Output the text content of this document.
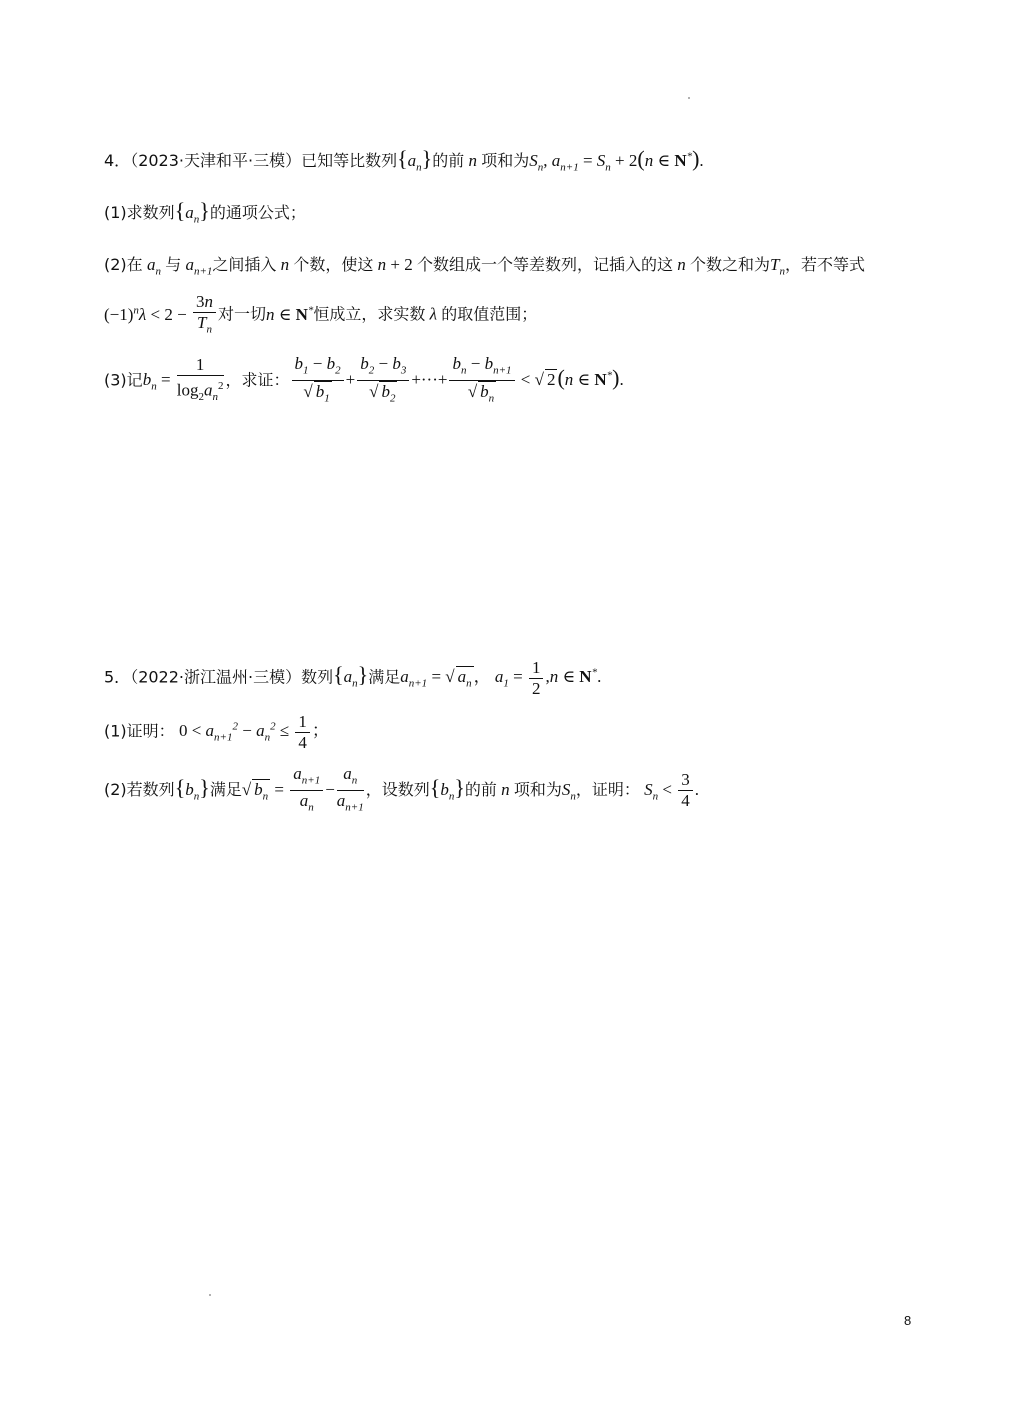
4．（2023·天津和平·三模）已知等比数列$\{a_n\}$的前 n 项和为$S_n$, $a_{n+1} = S_n + 2(n$ ∈ N*).
(1)求数列$\{a_n\}$的通项公式；
(2)在 $a_n$ 与 $a_{n+1}$之间插入 n 个数，使这 n + 2 个数组成一个等差数列，记插入的这 n 个数之和为$T_n$，若不等式
$(-1)^n\lambda < 2 - \frac{3n}{T_n}$ 对一切n ∈ N*恒成立，求实数 λ 的取值范围；
(3)记$b_n = \frac{1}{\log_2a_n^2}$ ，求证： $\frac{b_1 - b_2}{√ b_1} + \frac{b_2 - b_3}{√ b_2}$ +···+ $\frac{b_n - b_{n+1}}{√ b_n}$ < √ 2(n ∈ N*).
5．（2022·浙江温州·三模）数列$\{a_n\}$满足$a_{n+1}$ = √ $a_n$ ， $a_1 = \frac{1}{2} ,n$ ∈ N*.
(1)证明： $0 < a_{n+1}^2 - a_n^2 \le \frac{1}{4}$ ；
(2)若数列$\{b_n\}$满足√ $b_n = \frac{a_{n+1}}{a_n} - \frac{a_n}{a_{n+1}}$ ，设数列$\{b_n\}$的前 n 项和为$S_n$，证明： $S_n < \frac{3}{4}$ .
8
